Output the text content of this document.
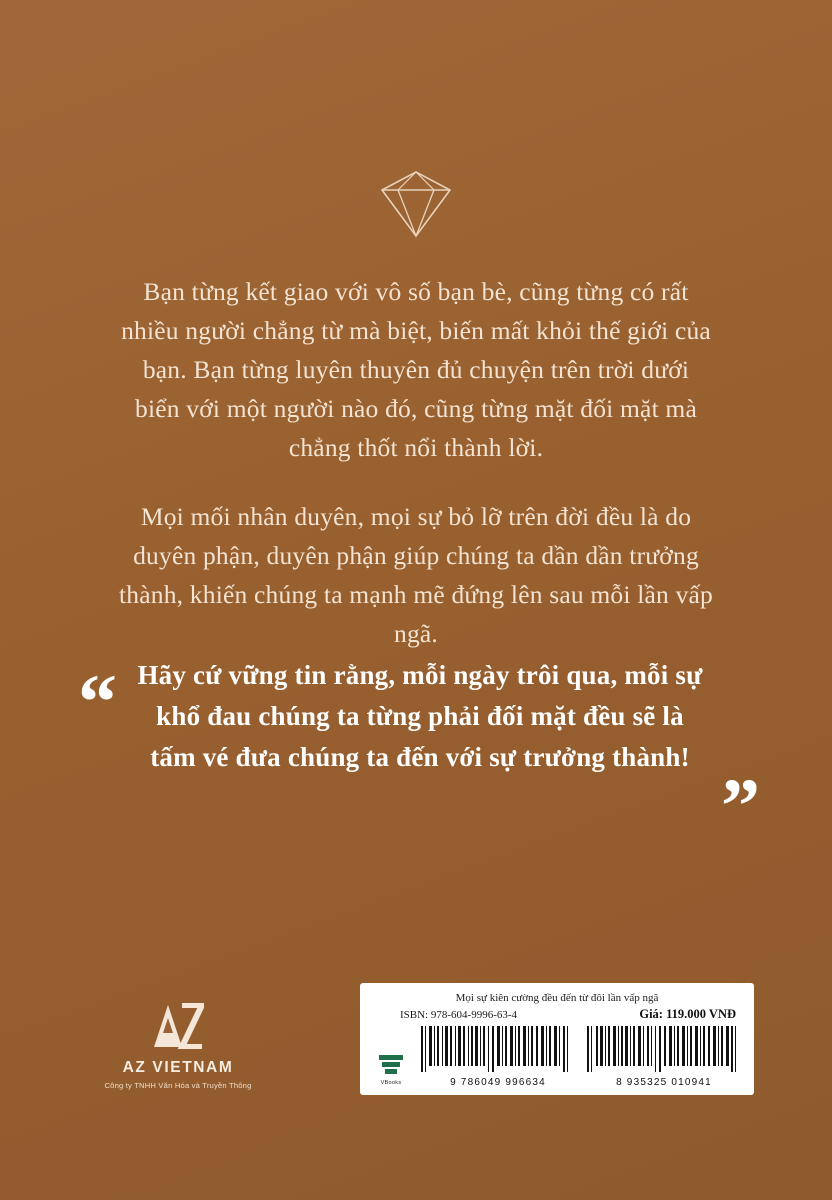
Bạn từng kết giao với vô số bạn bè, cũng từng có rất nhiều người chẳng từ mà biệt, biến mất khỏi thế giới của bạn. Bạn từng luyên thuyên đủ chuyện trên trời dưới biển với một người nào đó, cũng từng mặt đối mặt mà chẳng thốt nổi thành lời.

Mọi mối nhân duyên, mọi sự bỏ lỡ trên đời đều là do duyên phận, duyên phận giúp chúng ta dần dần trưởng thành, khiến chúng ta mạnh mẽ đứng lên sau mỗi lần vấp ngã.

“ Hãy cứ vững tin rằng, mỗi ngày trôi qua, mỗi sự khổ đau chúng ta từng phải đối mặt đều sẽ là tấm vé đưa chúng ta đến với sự trưởng thành!
”
AZ VIETNAM
Công ty TNHH Văn Hóa và Truyền Thông
Mọi sự kiên cường đều đến từ đôi lần vấp ngã
ISBN: 978-604-9996-63-4	Giá: 119.000 VNĐ
VBooks	9 786049 996634	8 935325 010941
